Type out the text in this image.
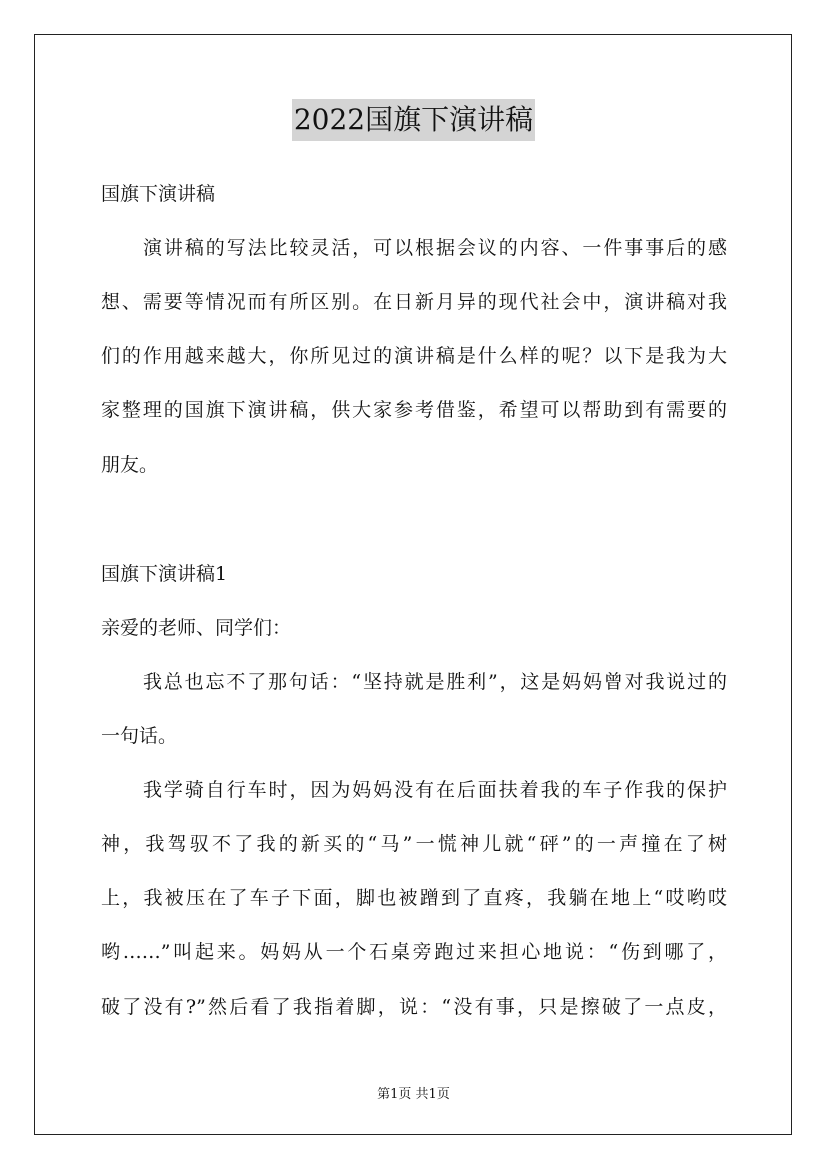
2022国旗下演讲稿
国旗下演讲稿
演讲稿的写法比较灵活，可以根据会议的内容、一件事事后的感
想、需要等情况而有所区别。在日新月异的现代社会中，演讲稿对我
们的作用越来越大，你所见过的演讲稿是什么样的呢？以下是我为大
家整理的国旗下演讲稿，供大家参考借鉴，希望可以帮助到有需要的
朋友。
国旗下演讲稿1
亲爱的老师、同学们：
我总也忘不了那句话：“坚持就是胜利”，这是妈妈曾对我说过的
一句话。
我学骑自行车时，因为妈妈没有在后面扶着我的车子作我的保护
神，我驾驭不了我的新买的“马”一慌神儿就“砰”的一声撞在了树
上，我被压在了车子下面，脚也被蹭到了直疼，我躺在地上“哎哟哎
哟……”叫起来。妈妈从一个石桌旁跑过来担心地说：“伤到哪了，
破了没有?”然后看了我指着脚，说：“没有事，只是擦破了一点皮，
第1页 共1页
